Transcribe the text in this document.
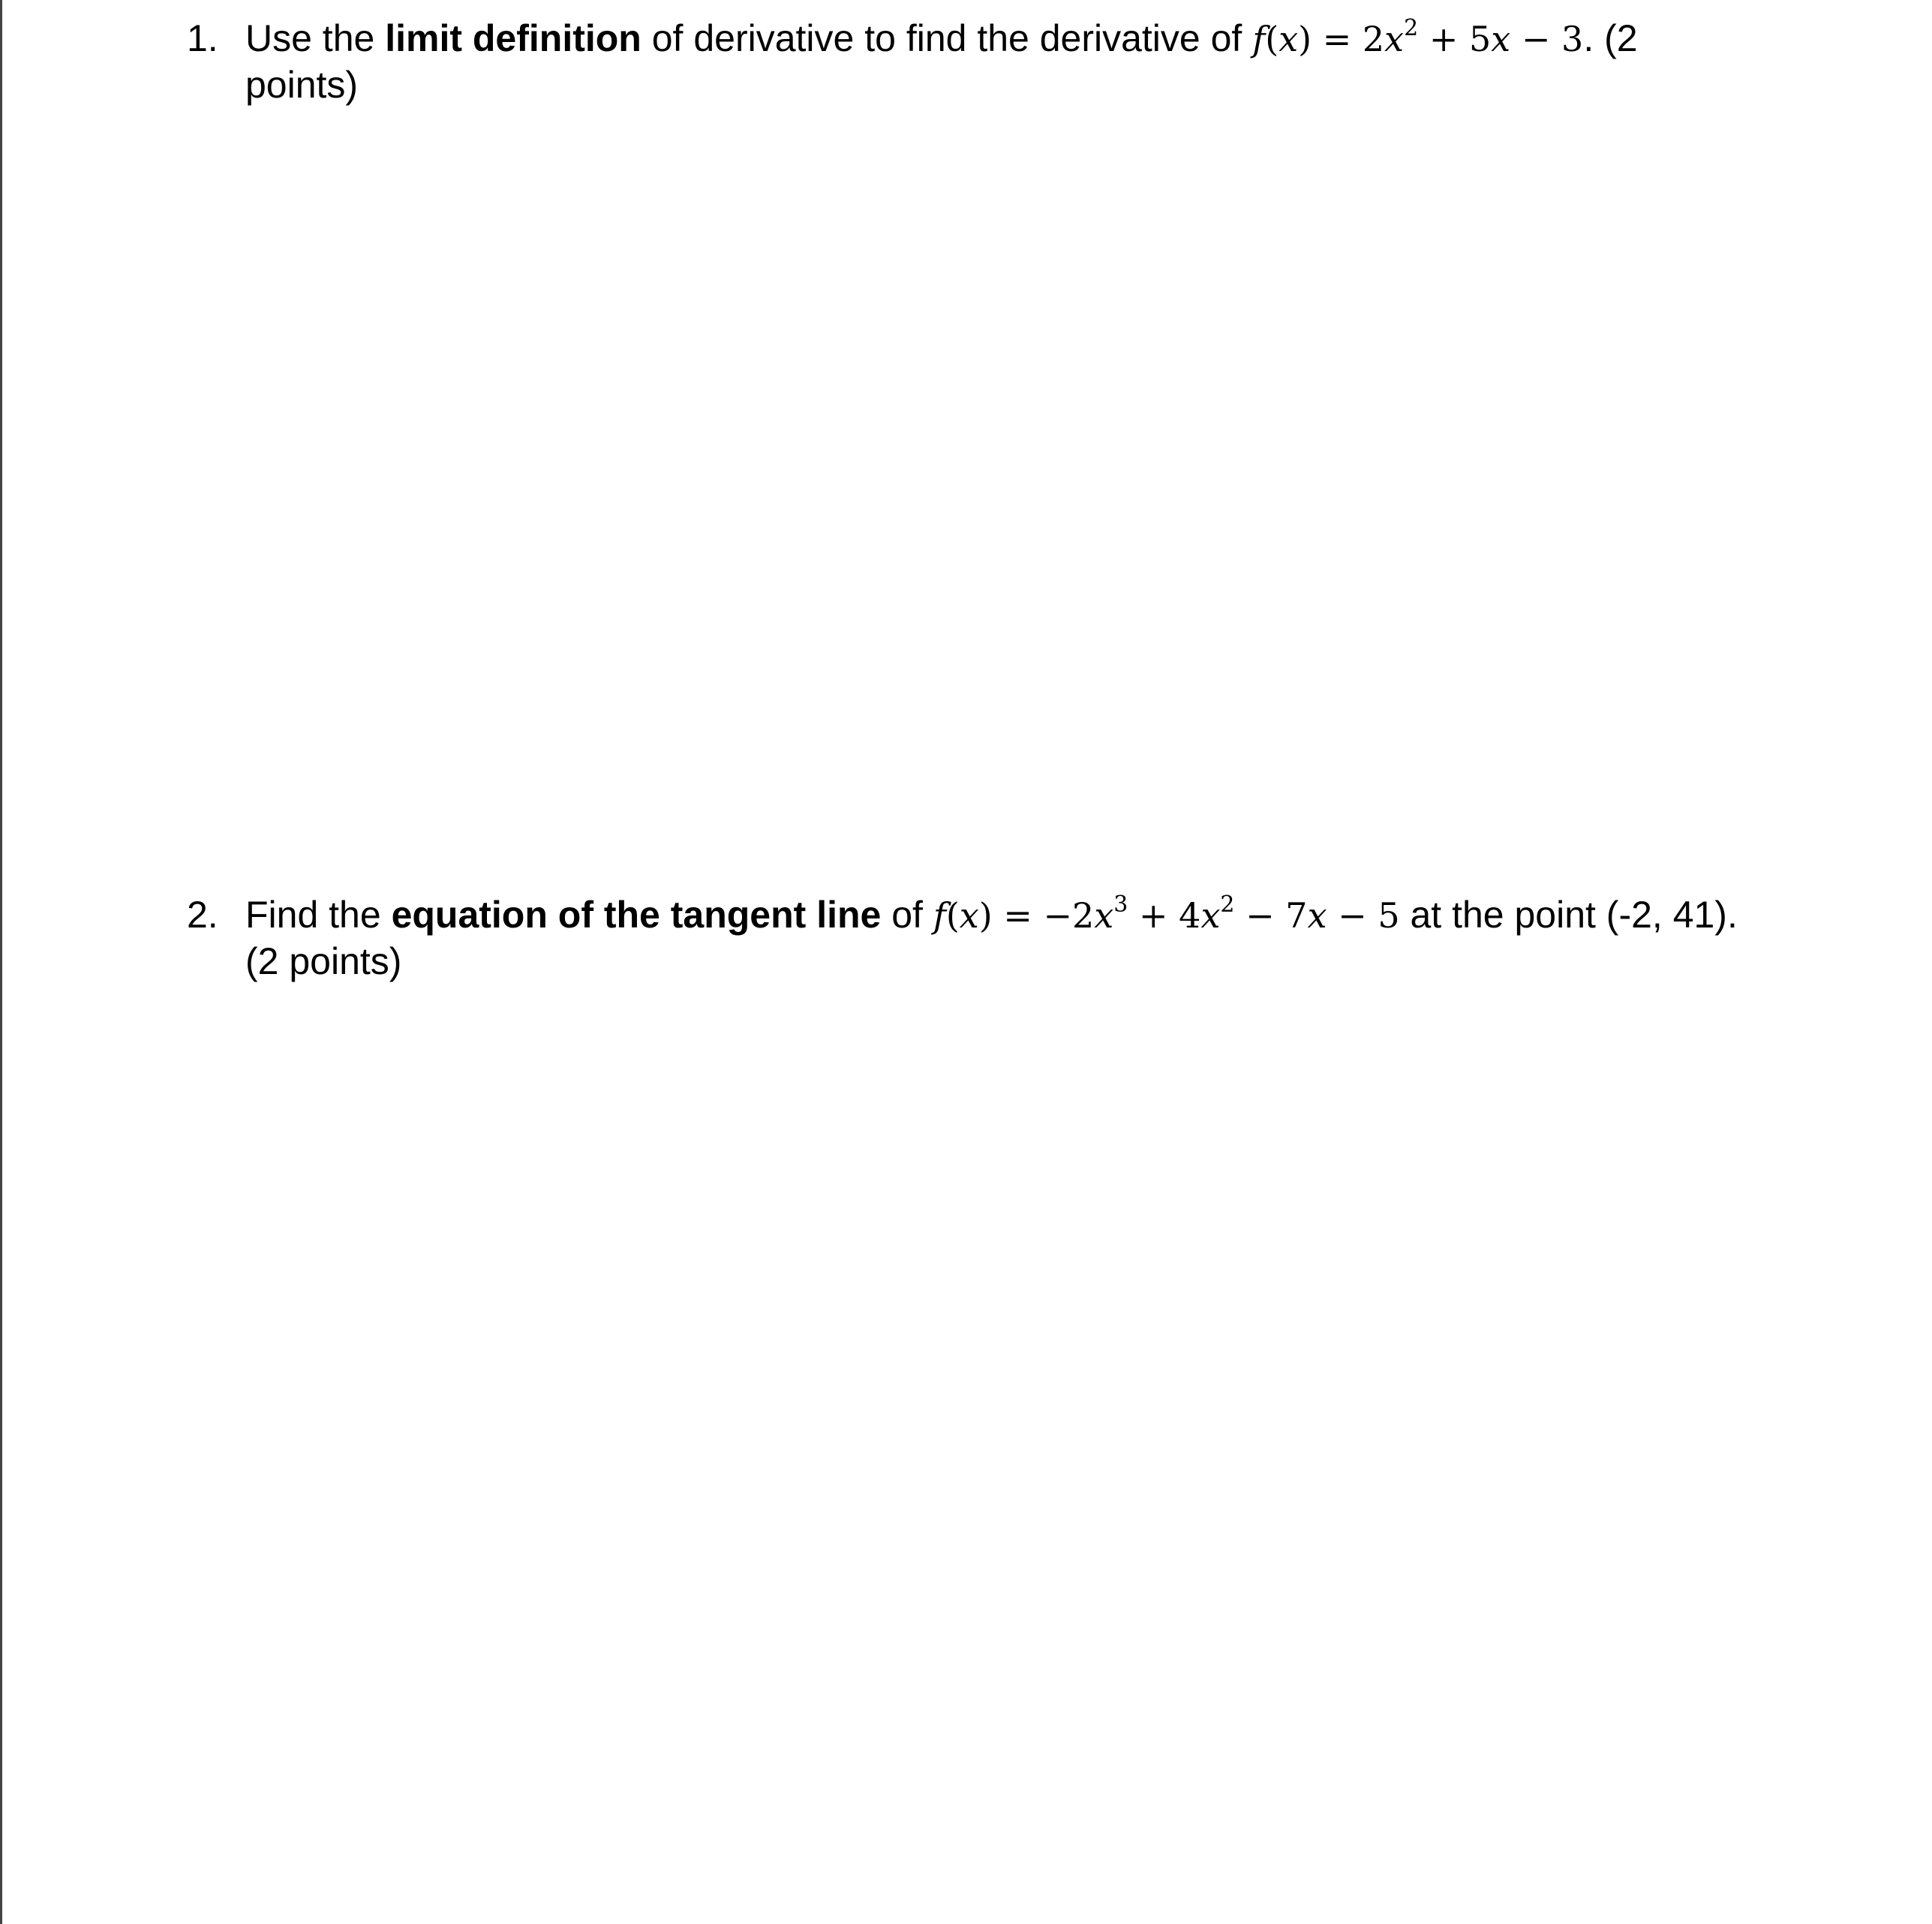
1. Use the limit definition of derivative to find the derivative of $f(x) = 2x^2 + 5x - 3$. (2
points)
2. Find the equation of the tangent line of $f(x) = -2x^3 + 4x^2 - 7x - 5$ at the point (-2, 41).
(2 points)
